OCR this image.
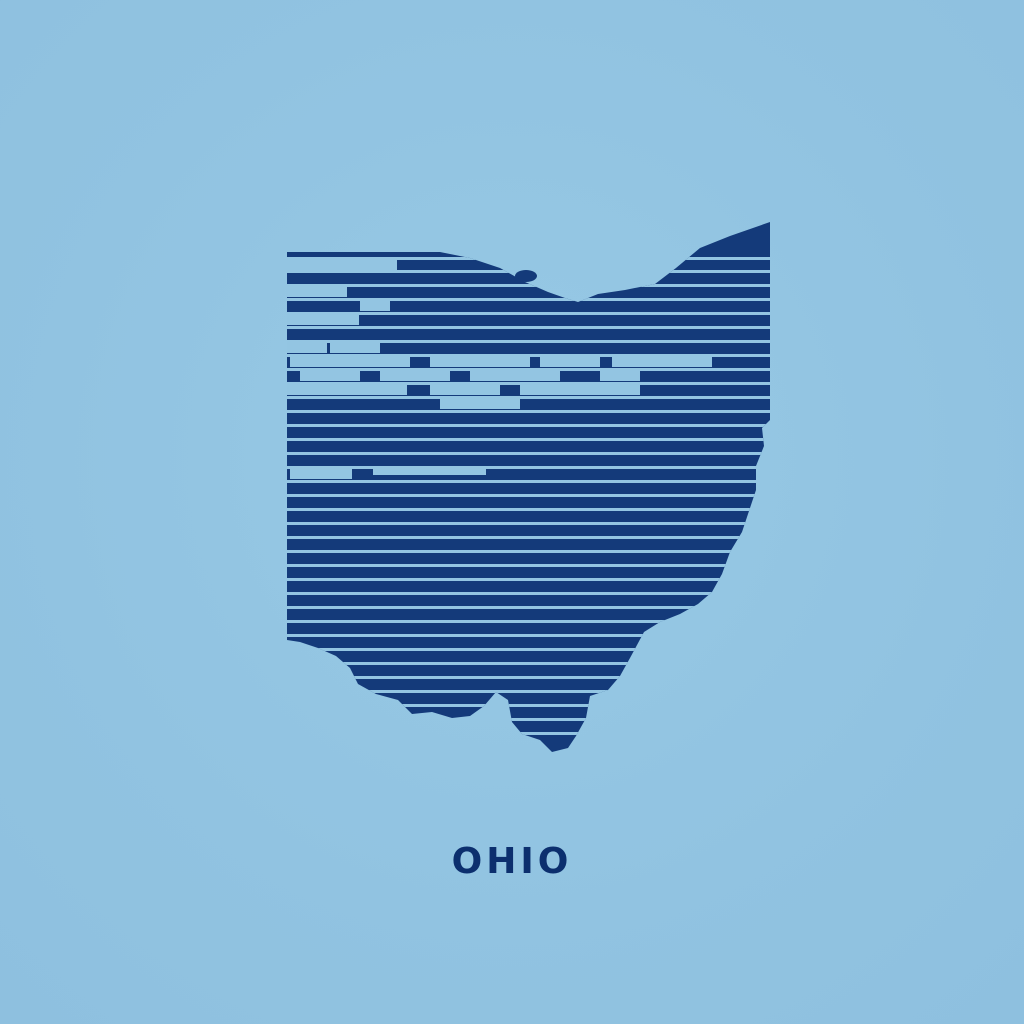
OHIO
